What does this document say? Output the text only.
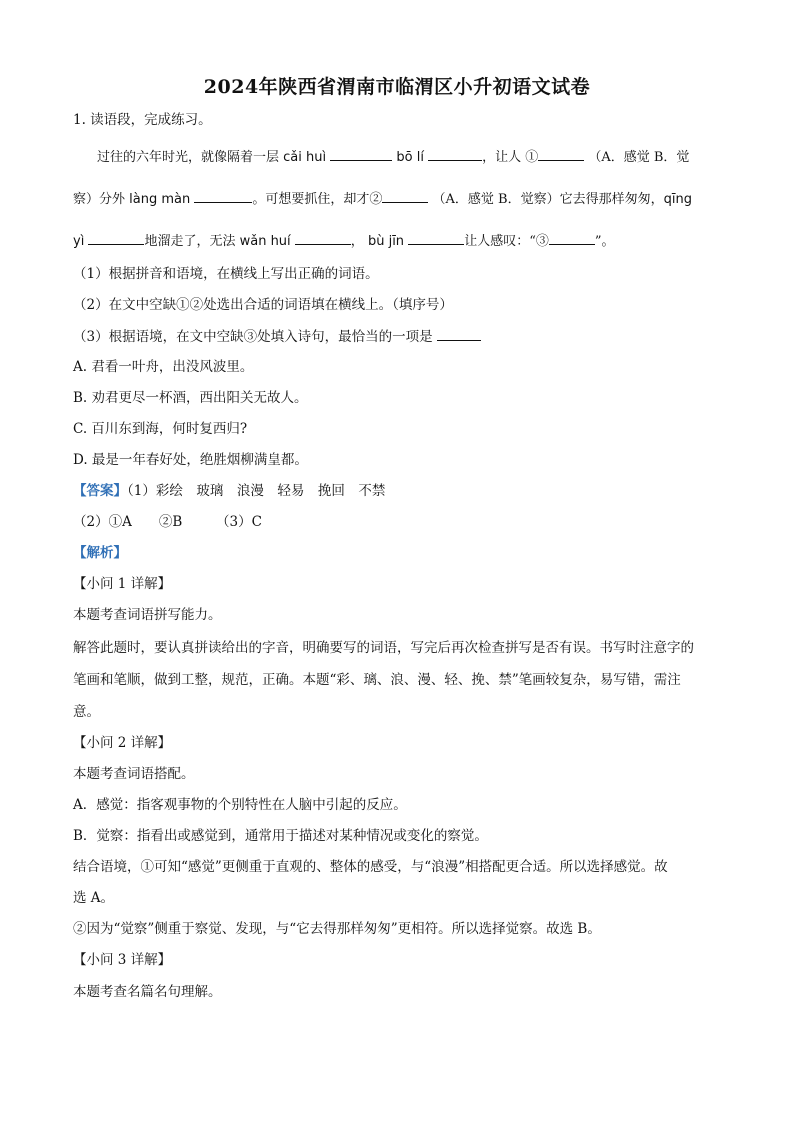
2024年陕西省渭南市临渭区小升初语文试卷
1. 读语段，完成练习。
过往的六年时光，就像隔着一层 cǎi huì	bō lí	，让人 ①	（A．感觉 B．觉
察）分外 làng màn	。可想要抓住，却才②	（A．感觉 B．觉察）它去得那样匆匆，qīng
yì	地溜走了，无法 wǎn huí	， bù jīn	让人感叹：“③	”。
（1）根据拼音和语境，在横线上写出正确的词语。
（2）在文中空缺①②处选出合适的词语填在横线上。（填序号）
（3）根据语境，在文中空缺③处填入诗句，最恰当的一项是
A. 君看一叶舟，出没风波里。
B. 劝君更尽一杯酒，西出阳关无故人。
C. 百川东到海，何时复西归?
D. 最是一年春好处，绝胜烟柳满皇都。
【答案】（1）彩绘　玻璃　浪漫　轻易　挽回　不禁
（2）①A　　②B　　　（3）C
【解析】
【小问 1 详解】
本题考查词语拼写能力。
解答此题时，要认真拼读给出的字音，明确要写的词语，写完后再次检查拼写是否有误。书写时注意字的
笔画和笔顺，做到工整，规范，正确。本题“彩、璃、浪、漫、轻、挽、禁”笔画较复杂，易写错，需注
意。
【小问 2 详解】
本题考查词语搭配。
A．感觉：指客观事物的个别特性在人脑中引起的反应。
B．觉察：指看出或感觉到，通常用于描述对某种情况或变化的察觉。
结合语境，①可知“感觉”更侧重于直观的、整体的感受，与“浪漫”相搭配更合适。所以选择感觉。故
选 A。
②因为“觉察”侧重于察觉、发现，与“它去得那样匆匆”更相符。所以选择觉察。故选 B。
【小问 3 详解】
本题考查名篇名句理解。
